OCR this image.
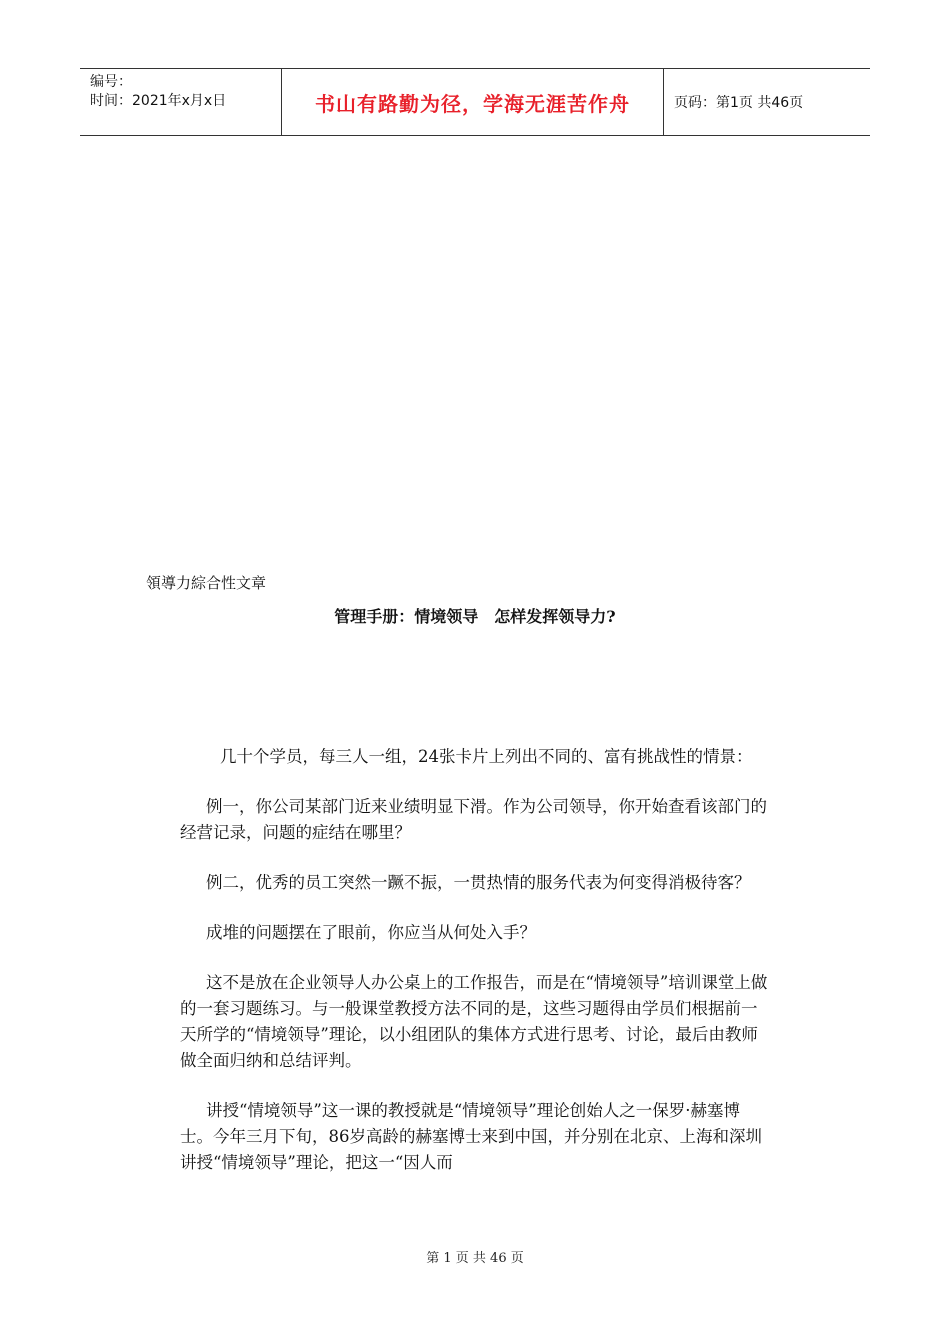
编号：
时间：2021年x月x日	书山有路勤为径，学海无涯苦作舟	页码：第1页 共46页
領導力綜合性文章
管理手册：情境领导　怎样发挥领导力?

几十个学员，每三人一组，24张卡片上列出不同的、富有挑战性的情景：

例一，你公司某部门近来业绩明显下滑。作为公司领导，你开始查看该部门的经营记录，问题的症结在哪里？

例二，优秀的员工突然一蹶不振，一贯热情的服务代表为何变得消极待客？

成堆的问题摆在了眼前，你应当从何处入手？

这不是放在企业领导人办公桌上的工作报告，而是在“情境领导”培训课堂上做的一套习题练习。与一般课堂教授方法不同的是，这些习题得由学员们根据前一天所学的“情境领导”理论，以小组团队的集体方式进行思考、讨论，最后由教师做全面归纳和总结评判。

讲授“情境领导”这一课的教授就是“情境领导”理论创始人之一保罗·赫塞博士。今年三月下旬，86岁高龄的赫塞博士来到中国，并分别在北京、上海和深圳讲授“情境领导”理论，把这一“因人而

第 1 页 共 46 页
